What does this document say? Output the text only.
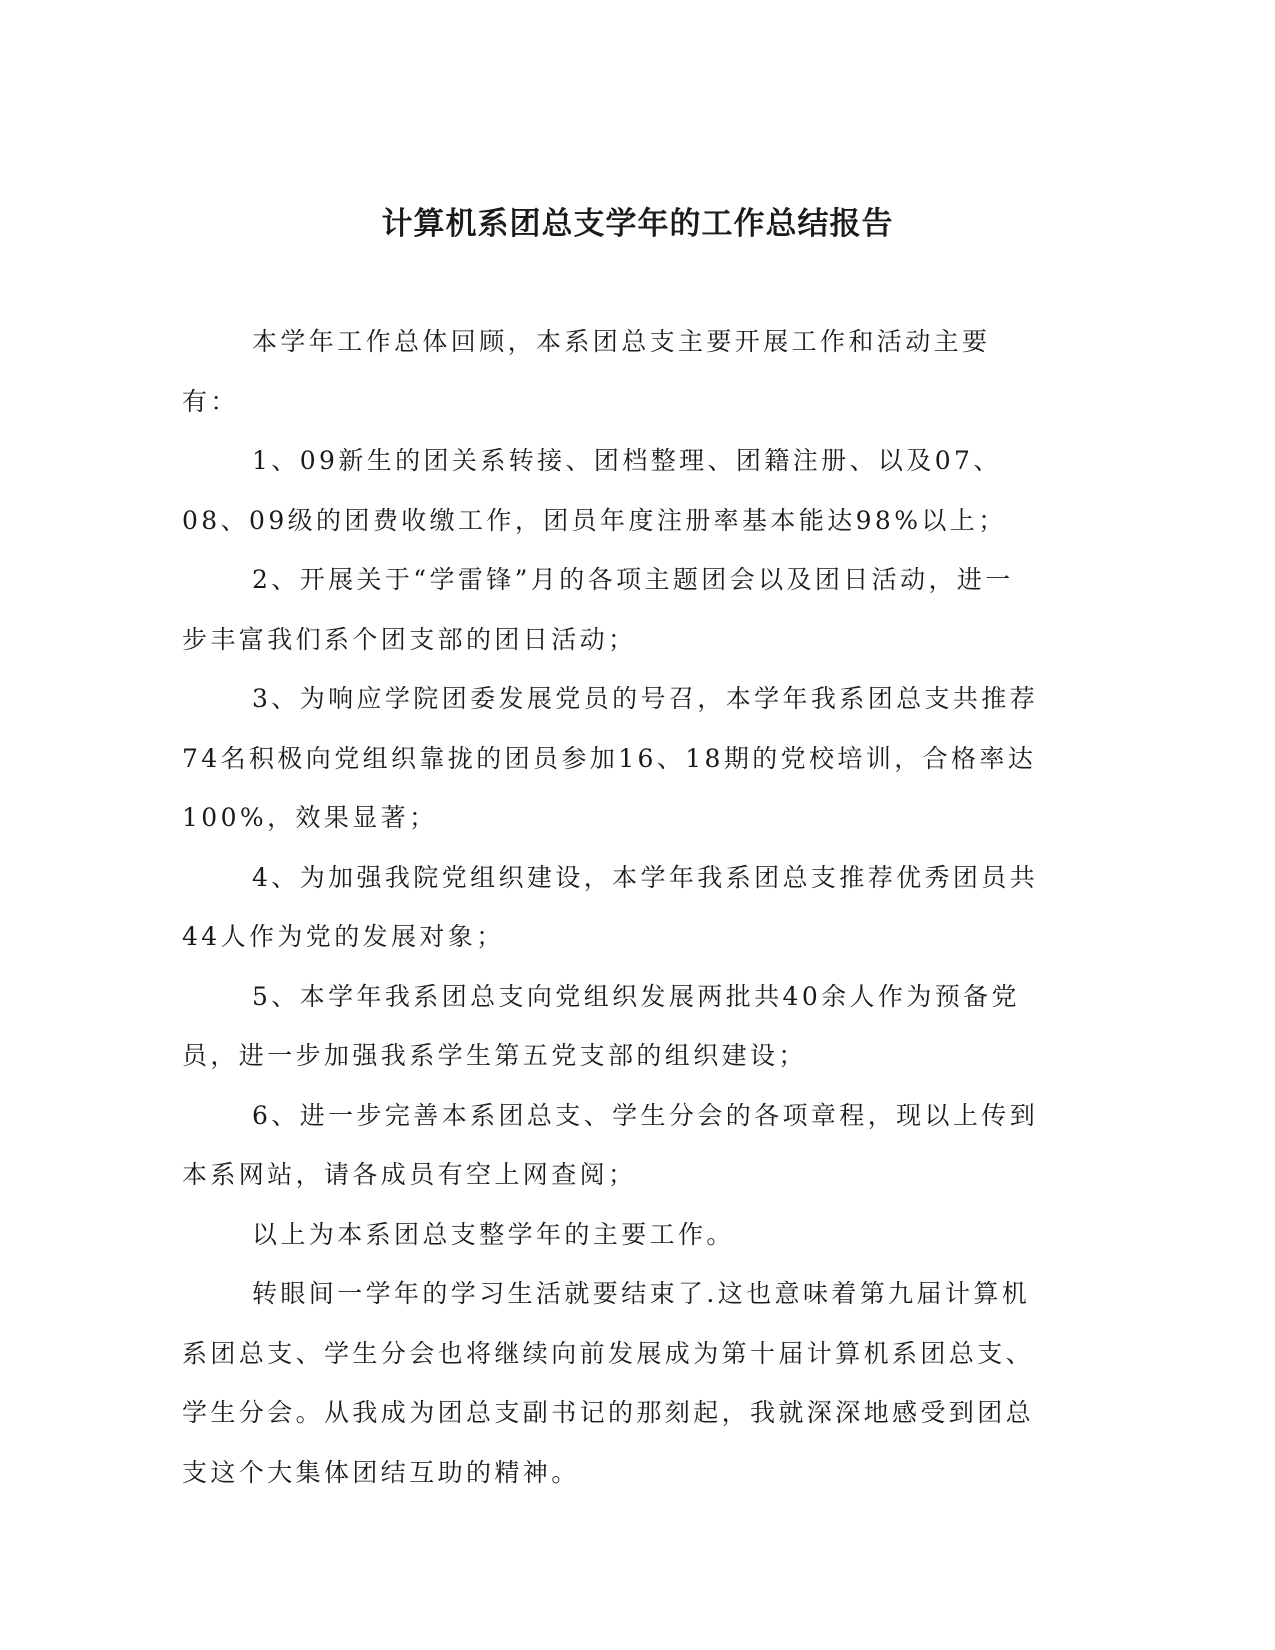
计算机系团总支学年的工作总结报告

本学年工作总体回顾，本系团总支主要开展工作和活动主要有：

1、09新生的团关系转接、团档整理、团籍注册、以及07、08、09级的团费收缴工作，团员年度注册率基本能达98%以上；

2、开展关于“学雷锋”月的各项主题团会以及团日活动，进一步丰富我们系个团支部的团日活动；

3、为响应学院团委发展党员的号召，本学年我系团总支共推荐74名积极向党组织靠拢的团员参加16、18期的党校培训，合格率达100%，效果显著；

4、为加强我院党组织建设，本学年我系团总支推荐优秀团员共44人作为党的发展对象；

5、本学年我系团总支向党组织发展两批共40余人作为预备党员，进一步加强我系学生第五党支部的组织建设；

6、进一步完善本系团总支、学生分会的各项章程，现以上传到本系网站，请各成员有空上网查阅；

以上为本系团总支整学年的主要工作。

转眼间一学年的学习生活就要结束了.这也意味着第九届计算机系团总支、学生分会也将继续向前发展成为第十届计算机系团总支、学生分会。从我成为团总支副书记的那刻起，我就深深地感受到团总支这个大集体团结互助的精神。
